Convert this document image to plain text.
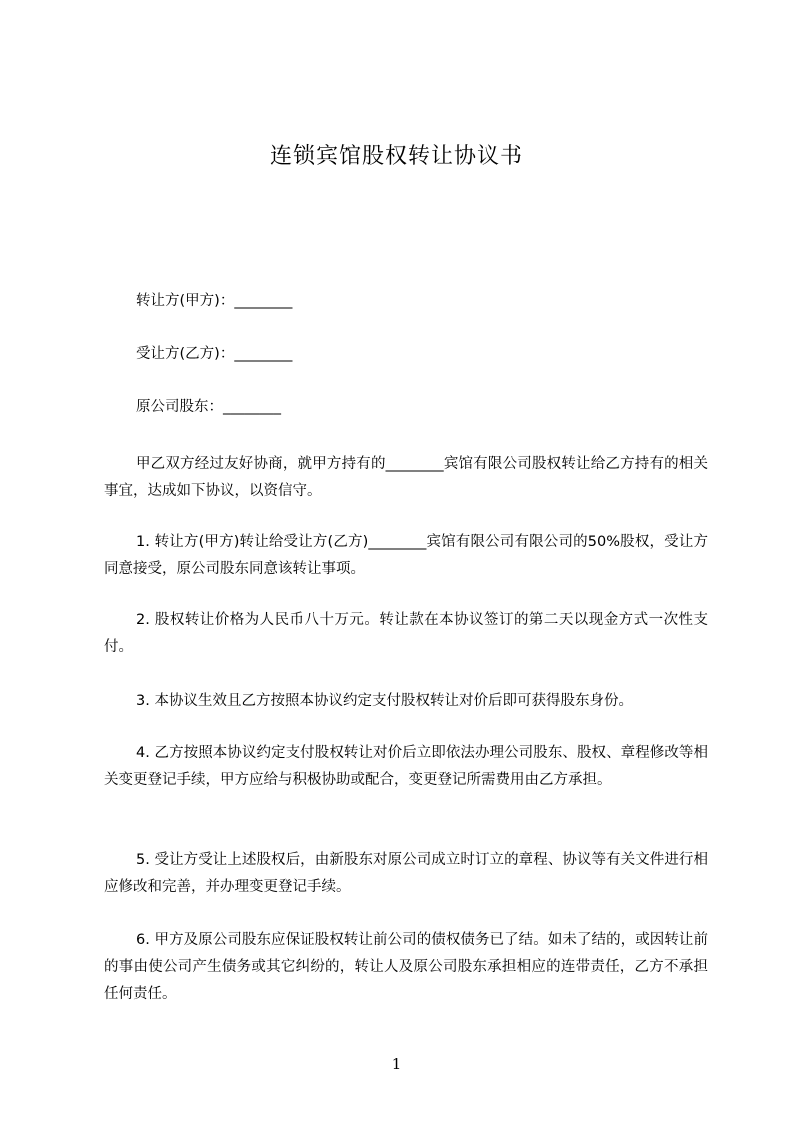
连锁宾馆股权转让协议书
转让方(甲方)：________
受让方(乙方)：________
原公司股东：________
甲乙双方经过友好协商，就甲方持有的________宾馆有限公司股权转让给乙方持有的相关事宜，达成如下协议，以资信守。
1. 转让方(甲方)转让给受让方(乙方)________宾馆有限公司有限公司的50%股权，受让方同意接受，原公司股东同意该转让事项。
2. 股权转让价格为人民币八十万元。转让款在本协议签订的第二天以现金方式一次性支付。
3. 本协议生效且乙方按照本协议约定支付股权转让对价后即可获得股东身份。
4. 乙方按照本协议约定支付股权转让对价后立即依法办理公司股东、股权、章程修改等相关变更登记手续，甲方应给与积极协助或配合，变更登记所需费用由乙方承担。
5. 受让方受让上述股权后，由新股东对原公司成立时订立的章程、协议等有关文件进行相应修改和完善，并办理变更登记手续。
6. 甲方及原公司股东应保证股权转让前公司的债权债务已了结。如未了结的，或因转让前的事由使公司产生债务或其它纠纷的，转让人及原公司股东承担相应的连带责任，乙方不承担任何责任。
1
